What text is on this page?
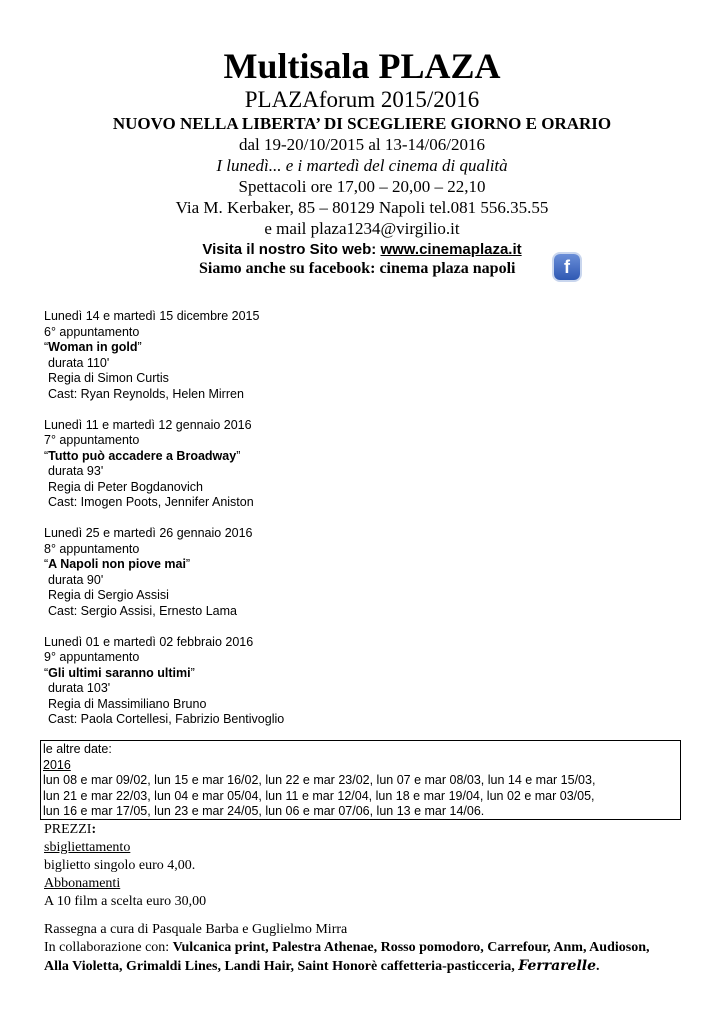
Multisala PLAZA
PLAZAforum 2015/2016
NUOVO NELLA LIBERTA’ DI SCEGLIERE GIORNO E ORARIO
dal 19-20/10/2015 al 13-14/06/2016
I lunedì... e i martedì del cinema di qualità
Spettacoli ore 17,00 – 20,00 – 22,10
Via M. Kerbaker, 85 – 80129 Napoli tel.081 556.35.55
e mail plaza1234@virgilio.it
Visita il nostro Sito web: www.cinemaplaza.it
Siamo anche su facebook: cinema plaza napoli	f
Lunedì 14 e martedì 15 dicembre 2015
6° appuntamento
“Woman in gold”
durata 110'
Regia di Simon Curtis
Cast: Ryan Reynolds, Helen Mirren
Lunedì 11 e martedì 12 gennaio 2016
7° appuntamento
“Tutto può accadere a Broadway”
durata 93'
Regia di Peter Bogdanovich
Cast: Imogen Poots, Jennifer Aniston
Lunedì 25 e martedì 26 gennaio 2016
8° appuntamento
“A Napoli non piove mai”
durata 90'
Regia di Sergio Assisi
Cast: Sergio Assisi, Ernesto Lama
Lunedì 01 e martedì 02 febbraio 2016
9° appuntamento
“Gli ultimi saranno ultimi”
durata 103'
Regia di Massimiliano Bruno
Cast: Paola Cortellesi, Fabrizio Bentivoglio
le altre date:
2016
lun 08 e mar 09/02, lun 15 e mar 16/02, lun 22 e mar 23/02, lun 07 e mar 08/03, lun 14 e mar 15/03,
lun 21 e mar 22/03, lun 04 e mar 05/04, lun 11 e mar 12/04, lun 18 e mar 19/04, lun 02 e mar 03/05,
lun 16 e mar 17/05, lun 23 e mar 24/05, lun 06 e mar 07/06, lun 13 e mar 14/06.
PREZZI:
sbigliettamento
biglietto singolo euro 4,00.
Abbonamenti
A 10 film a scelta euro 30,00
Rassegna a cura di Pasquale Barba e Guglielmo Mirra
In collaborazione con: Vulcanica print, Palestra Athenae, Rosso pomodoro, Carrefour, Anm, Audioson,
Alla Violetta, Grimaldi Lines, Landi Hair, Saint Honorè caffetteria-pasticceria, Ferrarelle.
